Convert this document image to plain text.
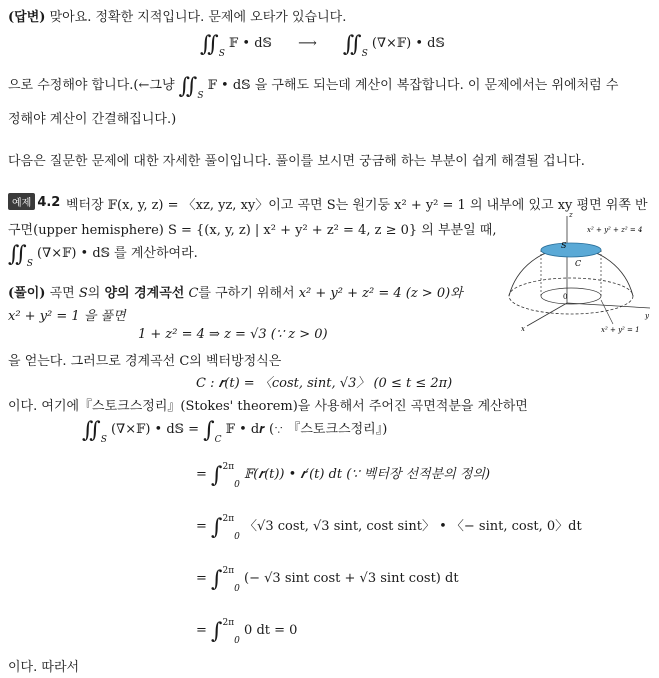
(답변) 맞아요. 정확한 지적입니다. 문제에 오타가 있습니다.
$∬_S$ 𝔽 • d𝕊 ⟶ $∬_S$ (∇×𝔽) • d𝕊
으로 수정해야 합니다.(←그냥 $∬_S$ 𝔽 • d𝕊 을 구해도 되는데 계산이 복잡합니다. 이 문제에서는 위에처럼 수
정해야 계산이 간결해집니다.)
다음은 질문한 문제에 대한 자세한 풀이입니다. 풀이를 보시면 궁금해 하는 부분이 쉽게 해결될 겁니다.
예제 4.2 벡터장 𝔽(x, y, z) = 〈xz, yz, xy〉이고 곡면 S는 원기둥 x² + y² = 1 의 내부에 있고 xy 평면 위쪽 반
구면(upper hemisphere) S = {(x, y, z) | x² + y² + z² = 4, z ≥ 0} 의 부분일 때,
$∬_S$ (∇×𝔽) • d𝕊 를 계산하여라.
S
C
z
x
y
0
x² + y² + z² = 4
x² + y² = 1
(풀이) 곡면 S의 양의 경계곡선 C를 구하기 위해서 x² + y² + z² = 4 (z > 0)와
x² + y² = 1 을 풀면
1 + z² = 4 ⇒ z = √3 (∵ z > 0)
을 얻는다. 그러므로 경계곡선 C의 벡터방정식은
C : 𝒓(t) = 〈cost, sint, √3〉 (0 ≤ t ≤ 2π)
이다. 여기에『스토크스정리』(Stokes' theorem)을 사용해서 주어진 곡면적분을 계산하면
$∬_S$ (∇×𝔽) • d𝕊 = $\int_C$ 𝔽 • d𝒓 (∵ 『스토크스정리』)
= ∫$^{2\pi}_0$ 𝔽(𝒓(t)) • 𝒓′(t) dt (∵ 벡터장 선적분의 정의)
= ∫$^{2\pi}_0$ 〈√3 cost, √3 sint, cost sint〉 • 〈− sint, cost, 0〉dt
= ∫$^{2\pi}_0$ (− √3 sint cost + √3 sint cost) dt
= ∫$^{2\pi}_0$ 0 dt = 0
이다. 따라서
